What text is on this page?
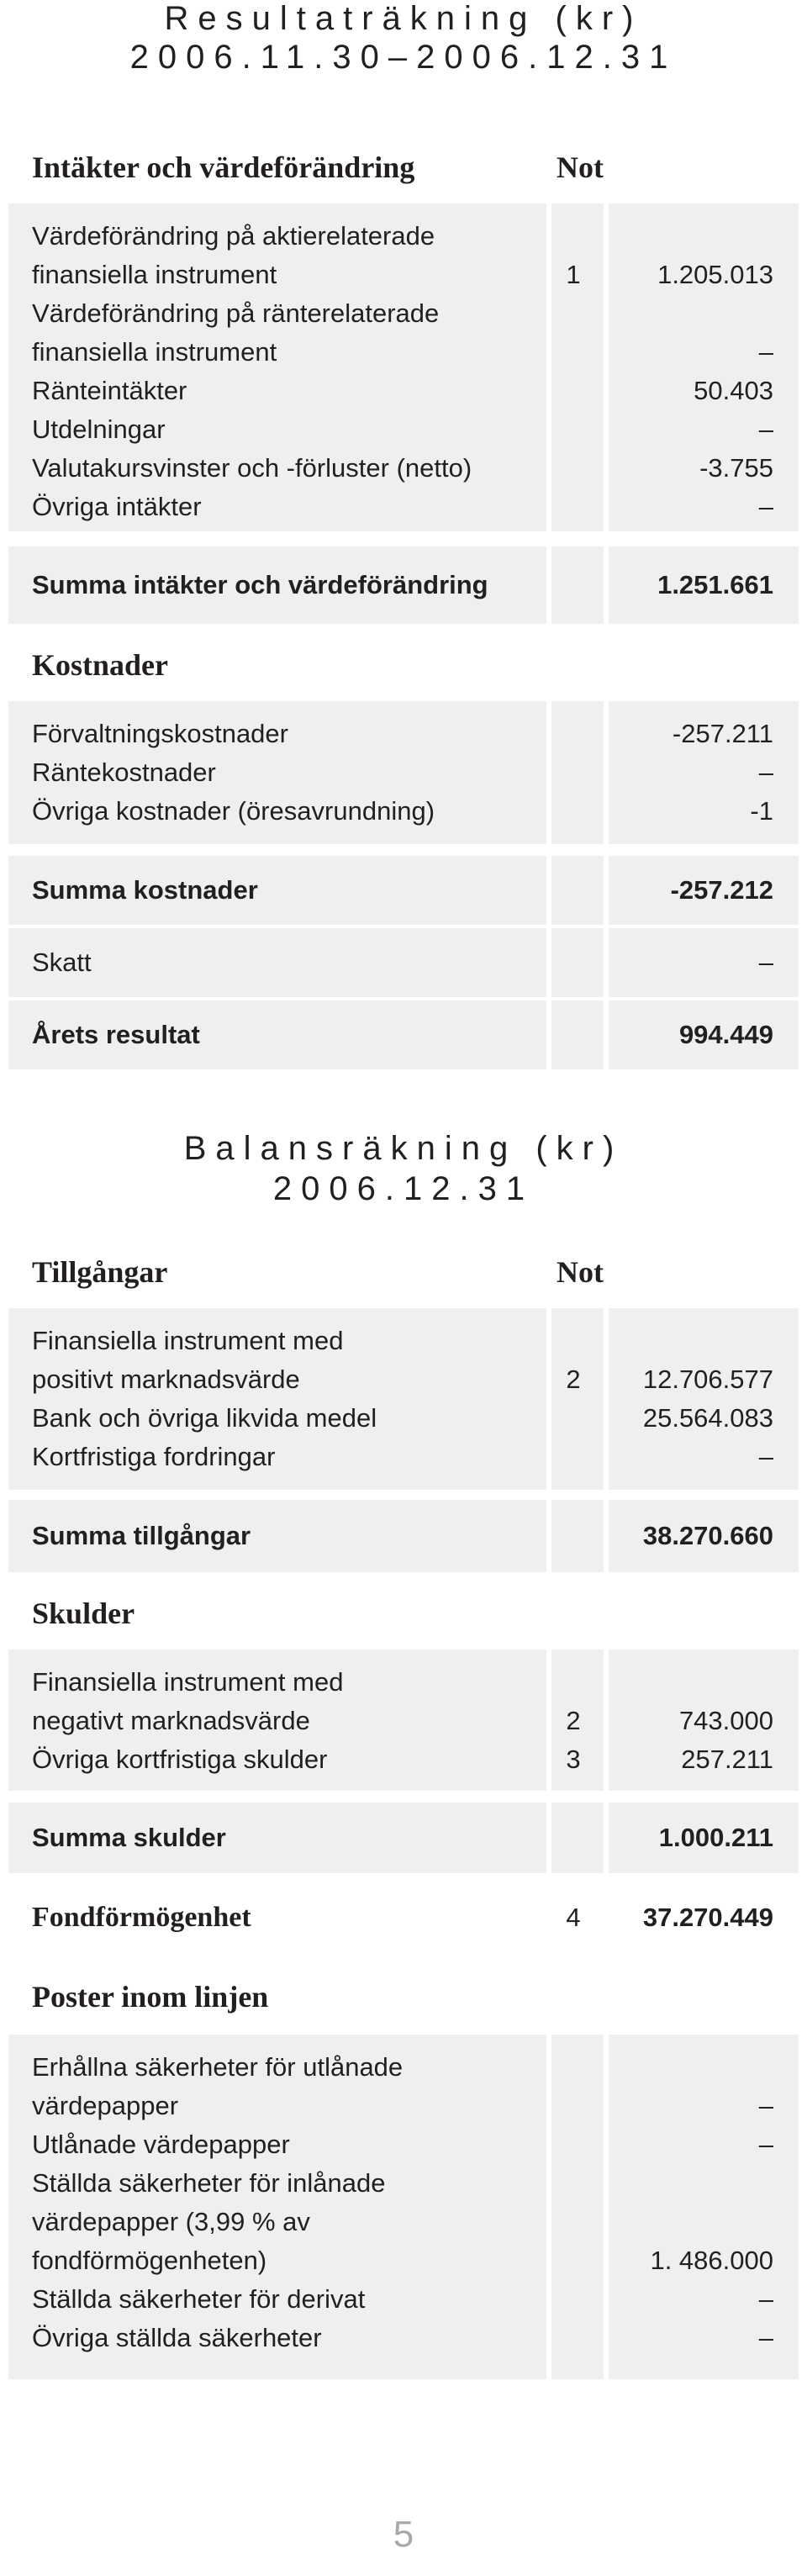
Resultaträkning (kr)
2006.11.30–2006.12.31
Intäkter och värdeförändring	Not
Värdeförändring på aktierelaterade
finansiella instrument	1	1.205.013
Värdeförändring på ränterelaterade
finansiella instrument	–
Ränteintäkter	50.403
Utdelningar	–
Valutakursvinster och -förluster (netto)	-3.755
Övriga intäkter	–
Summa intäkter och värdeförändring	1.251.661
Kostnader
Förvaltningskostnader	-257.211
Räntekostnader	–
Övriga kostnader (öresavrundning)	-1
Summa kostnader	-257.212
Skatt	–
Årets resultat	994.449
Balansräkning (kr)
2006.12.31
Tillgångar	Not
Finansiella instrument med
positivt marknadsvärde	2	12.706.577
Bank och övriga likvida medel	25.564.083
Kortfristiga fordringar	–
Summa tillgångar	38.270.660
Skulder
Finansiella instrument med
negativt marknadsvärde	2	743.000
Övriga kortfristiga skulder	3	257.211
Summa skulder	1.000.211
Fondförmögenhet	4	37.270.449
Poster inom linjen
Erhållna säkerheter för utlånade
värdepapper	–
Utlånade värdepapper	–
Ställda säkerheter för inlånade
värdepapper (3,99 % av
fondförmögenheten)	1. 486.000
Ställda säkerheter för derivat	–
Övriga ställda säkerheter	–
5
